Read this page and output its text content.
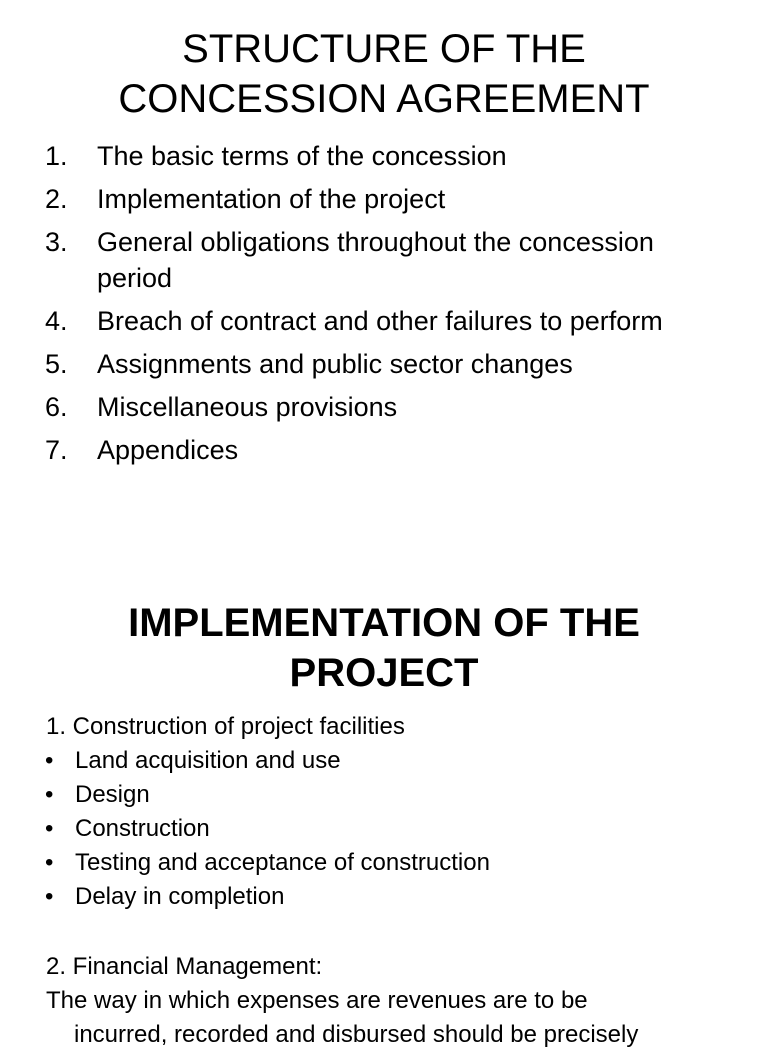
STRUCTURE OF THE
CONCESSION AGREEMENT
1. The basic terms of the concession
2. Implementation of the project
3. General obligations throughout the concession period
4. Breach of contract and other failures to perform
5. Assignments and public sector changes
6. Miscellaneous provisions
7. Appendices
IMPLEMENTATION OF THE
PROJECT

1. Construction of project facilities

• Land acquisition and use
• Design
• Construction
• Testing and acceptance of construction
• Delay in completion

2. Financial Management:

The way in which expenses are revenues are to be
incurred, recorded and disbursed should be precisely
